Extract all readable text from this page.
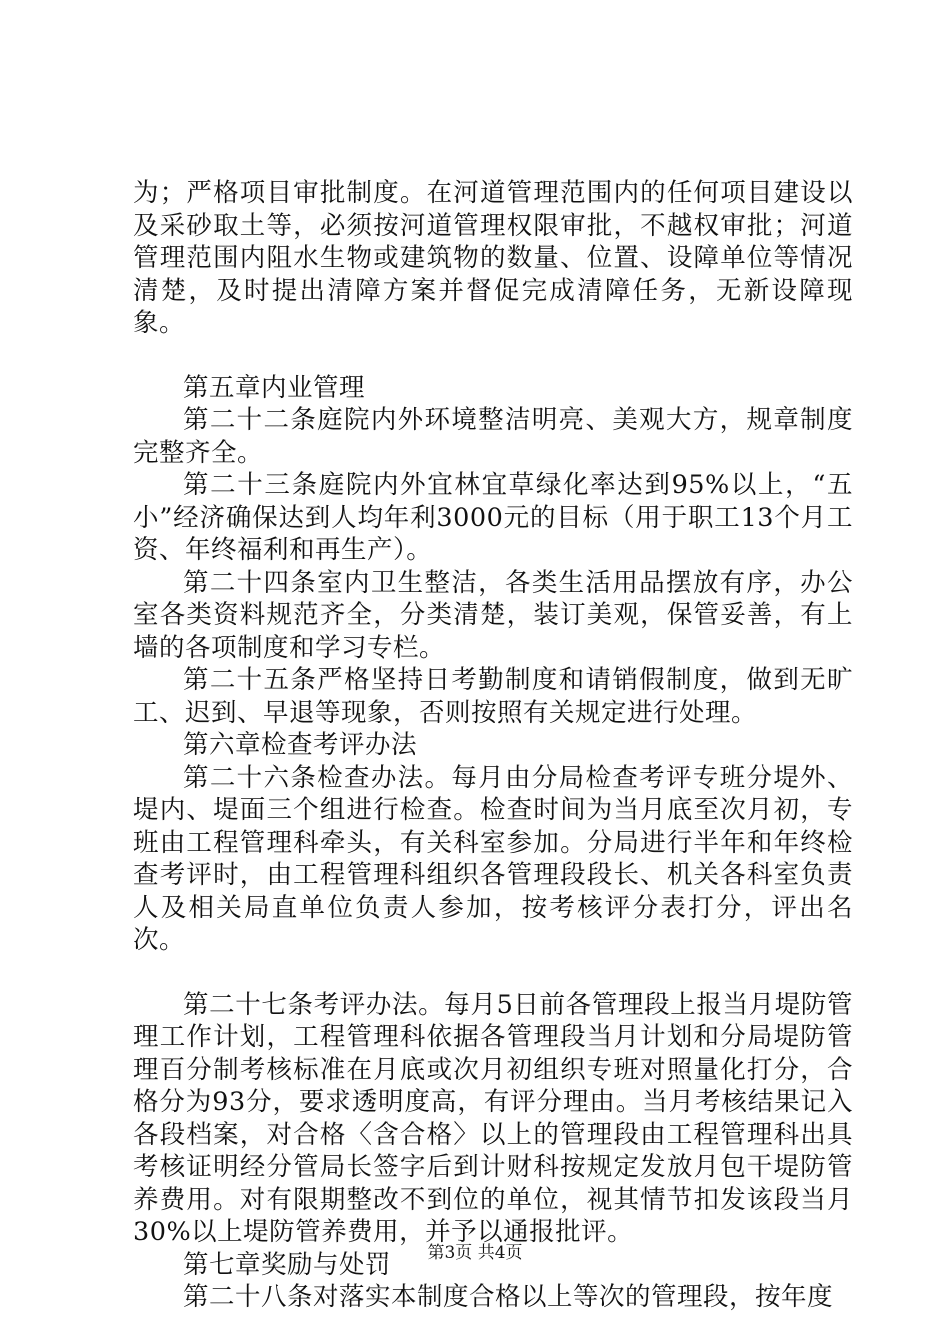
为；严格项目审批制度。在河道管理范围内的任何项目建设以及采砂取土等，必须按河道管理权限审批，不越权审批；河道管理范围内阻水生物或建筑物的数量、位置、设障单位等情况清楚，及时提出清障方案并督促完成清障任务，无新设障现象。

第五章内业管理

第二十二条庭院内外环境整洁明亮、美观大方，规章制度完整齐全。

第二十三条庭院内外宜林宜草绿化率达到95%以上，“五小”经济确保达到人均年利3000元的目标（用于职工13个月工资、年终福利和再生产）。

第二十四条室内卫生整洁，各类生活用品摆放有序，办公室各类资料规范齐全，分类清楚，装订美观，保管妥善，有上墙的各项制度和学习专栏。

第二十五条严格坚持日考勤制度和请销假制度，做到无旷工、迟到、早退等现象，否则按照有关规定进行处理。

第六章检查考评办法

第二十六条检查办法。每月由分局检查考评专班分堤外、堤内、堤面三个组进行检查。检查时间为当月底至次月初，专班由工程管理科牵头，有关科室参加。分局进行半年和年终检查考评时，由工程管理科组织各管理段段长、机关各科室负责人及相关局直单位负责人参加，按考核评分表打分，评出名次。

第二十七条考评办法。每月5日前各管理段上报当月堤防管理工作计划，工程管理科依据各管理段当月计划和分局堤防管理百分制考核标准在月底或次月初组织专班对照量化打分，合格分为93分，要求透明度高，有评分理由。当月考核结果记入各段档案，对合格〈含合格〉以上的管理段由工程管理科出具考核证明经分管局长签字后到计财科按规定发放月包干堤防管养费用。对有限期整改不到位的单位，视其情节扣发该段当月30%以上堤防管养费用，并予以通报批评。

第七章奖励与处罚

第二十八条对落实本制度合格以上等次的管理段，按年度

第3页 共4页
